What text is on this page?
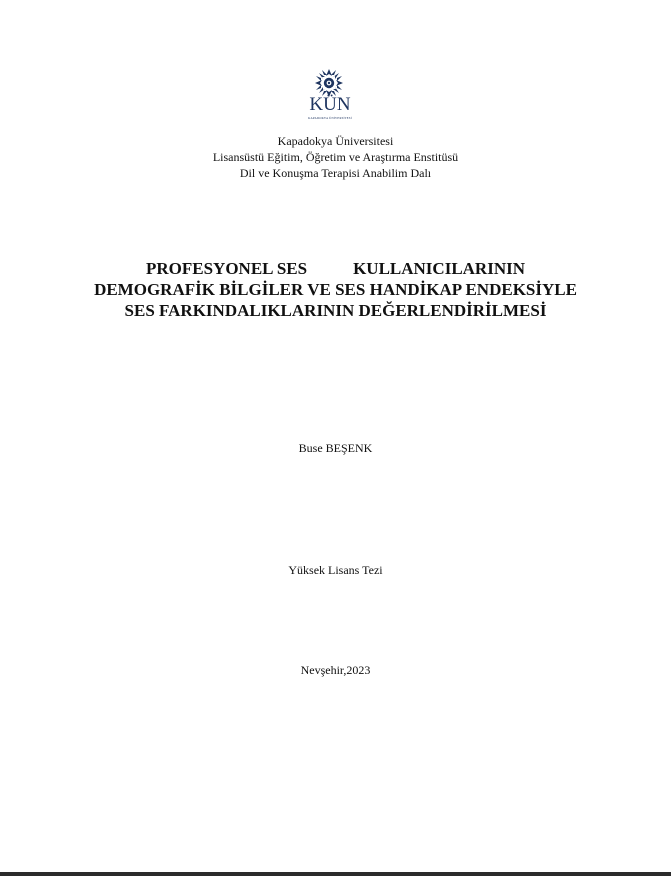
KÜN
KAPADOKYA ÜNİVERSİTESİ
Kapadokya Üniversitesi
Lisansüstü Eğitim, Öğretim ve Araştırma Enstitüsü
Dil ve Konuşma Terapisi Anabilim Dalı
PROFESYONEL SES	KULLANICILARININ
DEMOGRAFİK BİLGİLER VE SES HANDİKAP ENDEKSİYLE
SES FARKINDALIKLARININ DEĞERLENDİRİLMESİ
Buse BEŞENK
Yüksek Lisans Tezi
Nevşehir,2023
